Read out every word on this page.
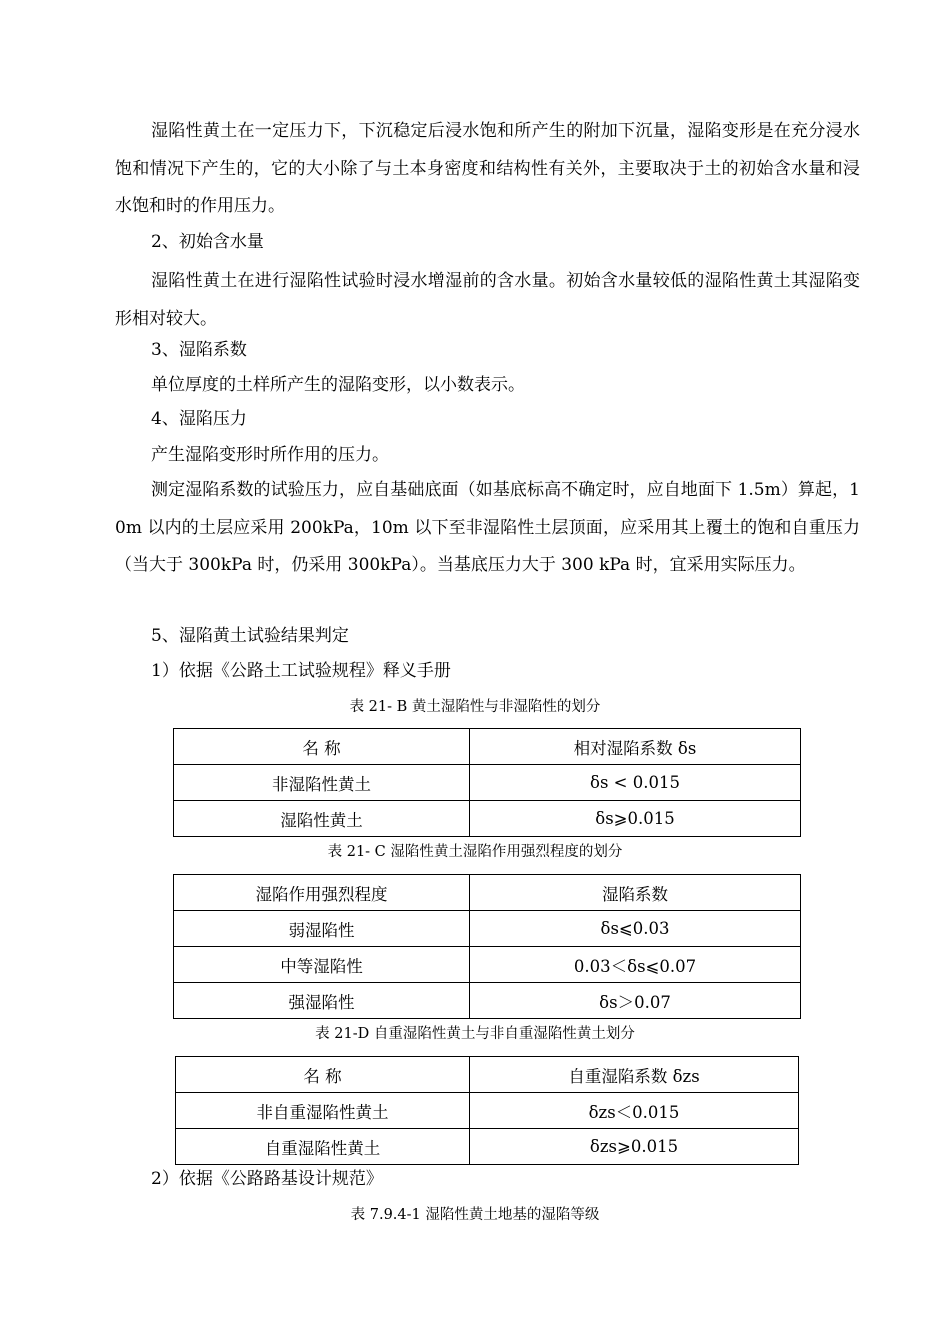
湿陷性黄土在一定压力下，下沉稳定后浸水饱和所产生的附加下沉量，湿陷变形是在充分浸水饱和情况下产生的，它的大小除了与土本身密度和结构性有关外，主要取决于土的初始含水量和浸水饱和时的作用压力。

2、初始含水量

湿陷性黄土在进行湿陷性试验时浸水增湿前的含水量。初始含水量较低的湿陷性黄土其湿陷变形相对较大。

3、湿陷系数

单位厚度的土样所产生的湿陷变形，以小数表示。

4、湿陷压力

产生湿陷变形时所作用的压力。

测定湿陷系数的试验压力，应自基础底面（如基底标高不确定时，应自地面下 1.5m）算起，10m 以内的土层应采用 200kPa，10m 以下至非湿陷性土层顶面，应采用其上覆土的饱和自重压力（当大于 300kPa 时，仍采用 300kPa）。当基底压力大于 300 kPa 时，宜采用实际压力。

5、湿陷黄土试验结果判定

1）依据《公路土工试验规程》释义手册

表 21- B 黄土湿陷性与非湿陷性的划分

名 称	相对湿陷系数 δs
非湿陷性黄土	δs < 0.015
湿陷性黄土	δs⩾0.015

表 21- C 湿陷性黄土湿陷作用强烈程度的划分

湿陷作用强烈程度	湿陷系数
弱湿陷性	δs⩽0.03
中等湿陷性	0.03＜δs⩽0.07
强湿陷性	δs＞0.07

表 21-D 自重湿陷性黄土与非自重湿陷性黄土划分

名 称	自重湿陷系数 δzs
非自重湿陷性黄土	δzs＜0.015
自重湿陷性黄土	δzs⩾0.015

2）依据《公路路基设计规范》

表 7.9.4-1 湿陷性黄土地基的湿陷等级
